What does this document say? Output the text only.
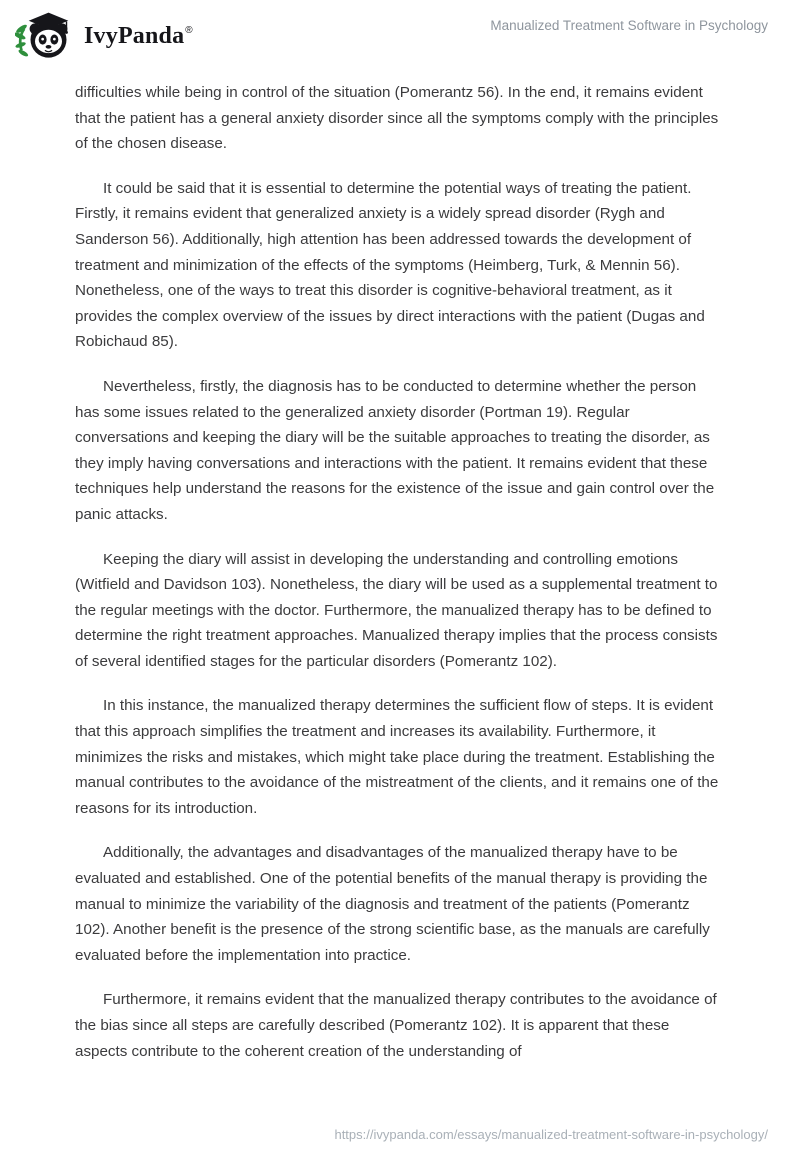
IvyPanda ®	Manualized Treatment Software in Psychology

difficulties while being in control of the situation (Pomerantz 56). In the end, it remains evident that the patient has a general anxiety disorder since all the symptoms comply with the principles of the chosen disease.

It could be said that it is essential to determine the potential ways of treating the patient. Firstly, it remains evident that generalized anxiety is a widely spread disorder (Rygh and Sanderson 56). Additionally, high attention has been addressed towards the development of treatment and minimization of the effects of the symptoms (Heimberg, Turk, & Mennin 56). Nonetheless, one of the ways to treat this disorder is cognitive-behavioral treatment, as it provides the complex overview of the issues by direct interactions with the patient (Dugas and Robichaud 85).

Nevertheless, firstly, the diagnosis has to be conducted to determine whether the person has some issues related to the generalized anxiety disorder (Portman 19). Regular conversations and keeping the diary will be the suitable approaches to treating the disorder, as they imply having conversations and interactions with the patient. It remains evident that these techniques help understand the reasons for the existence of the issue and gain control over the panic attacks.

Keeping the diary will assist in developing the understanding and controlling emotions (Witfield and Davidson 103). Nonetheless, the diary will be used as a supplemental treatment to the regular meetings with the doctor. Furthermore, the manualized therapy has to be defined to determine the right treatment approaches. Manualized therapy implies that the process consists of several identified stages for the particular disorders (Pomerantz 102).

In this instance, the manualized therapy determines the sufficient flow of steps. It is evident that this approach simplifies the treatment and increases its availability. Furthermore, it minimizes the risks and mistakes, which might take place during the treatment. Establishing the manual contributes to the avoidance of the mistreatment of the clients, and it remains one of the reasons for its introduction.

Additionally, the advantages and disadvantages of the manualized therapy have to be evaluated and established. One of the potential benefits of the manual therapy is providing the manual to minimize the variability of the diagnosis and treatment of the patients (Pomerantz 102). Another benefit is the presence of the strong scientific base, as the manuals are carefully evaluated before the implementation into practice.

Furthermore, it remains evident that the manualized therapy contributes to the avoidance of the bias since all steps are carefully described (Pomerantz 102). It is apparent that these aspects contribute to the coherent creation of the understanding of

https://ivypanda.com/essays/manualized-treatment-software-in-psychology/
